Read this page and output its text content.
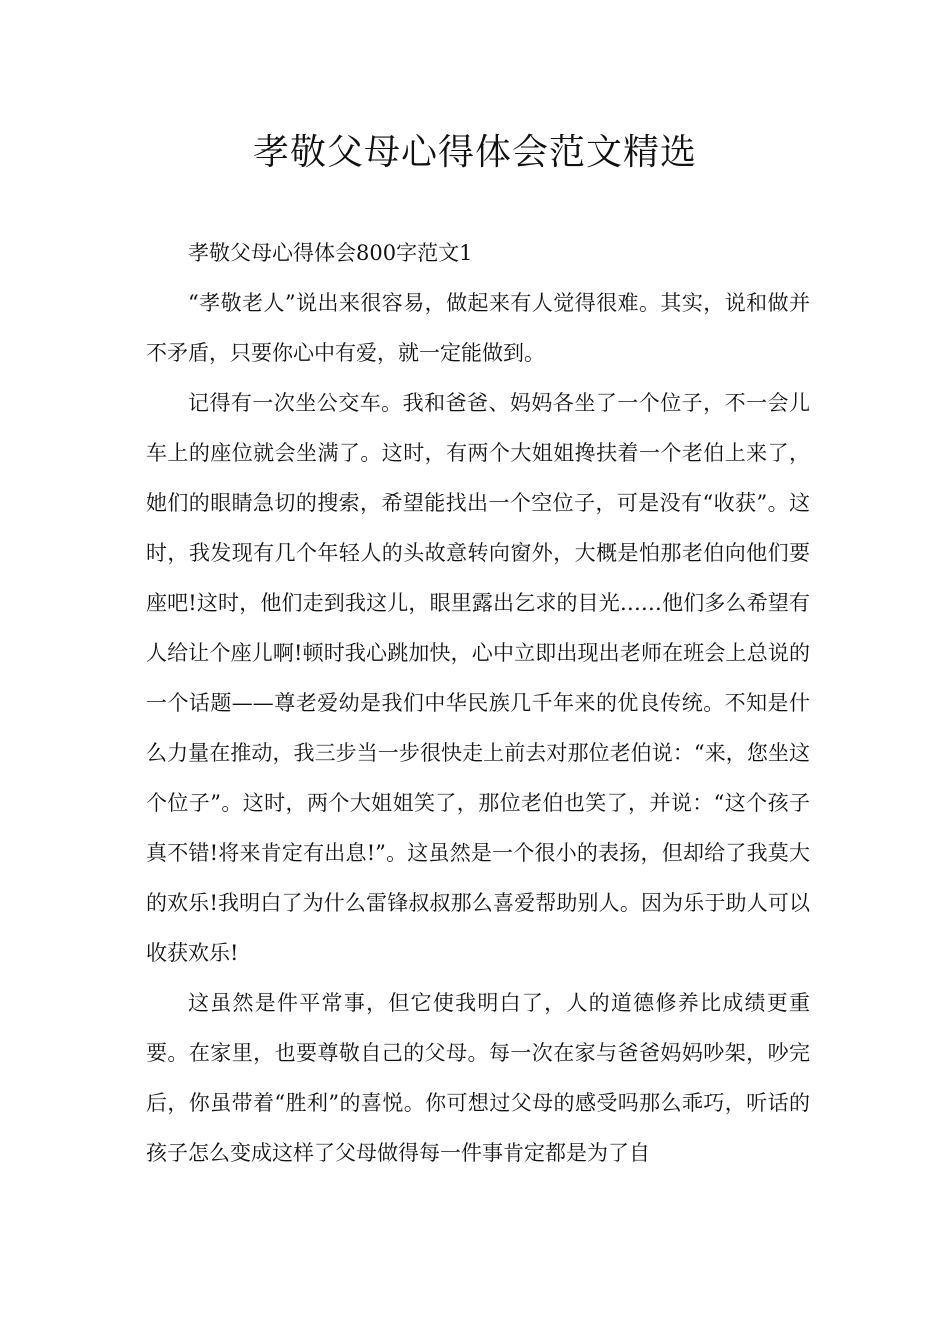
孝敬父母心得体会范文精选

孝敬父母心得体会800字范文1

“孝敬老人”说出来很容易，做起来有人觉得很难。其实，说和做并不矛盾，只要你心中有爱，就一定能做到。

记得有一次坐公交车。我和爸爸、妈妈各坐了一个位子，不一会儿车上的座位就会坐满了。这时，有两个大姐姐搀扶着一个老伯上来了，她们的眼睛急切的搜索，希望能找出一个空位子，可是没有“收获”。这时，我发现有几个年轻人的头故意转向窗外，大概是怕那老伯向他们要座吧!这时，他们走到我这儿，眼里露出乞求的目光……他们多么希望有人给让个座儿啊!顿时我心跳加快，心中立即出现出老师在班会上总说的一个话题——尊老爱幼是我们中华民族几千年来的优良传统。不知是什么力量在推动，我三步当一步很快走上前去对那位老伯说：“来，您坐这个位子”。这时，两个大姐姐笑了，那位老伯也笑了，并说：“这个孩子真不错!将来肯定有出息!”。这虽然是一个很小的表扬，但却给了我莫大的欢乐!我明白了为什么雷锋叔叔那么喜爱帮助别人。因为乐于助人可以收获欢乐!

这虽然是件平常事，但它使我明白了，人的道德修养比成绩更重要。在家里，也要尊敬自己的父母。每一次在家与爸爸妈妈吵架，吵完后，你虽带着“胜利”的喜悦。你可想过父母的感受吗那么乖巧，听话的孩子怎么变成这样了父母做得每一件事肯定都是为了自
